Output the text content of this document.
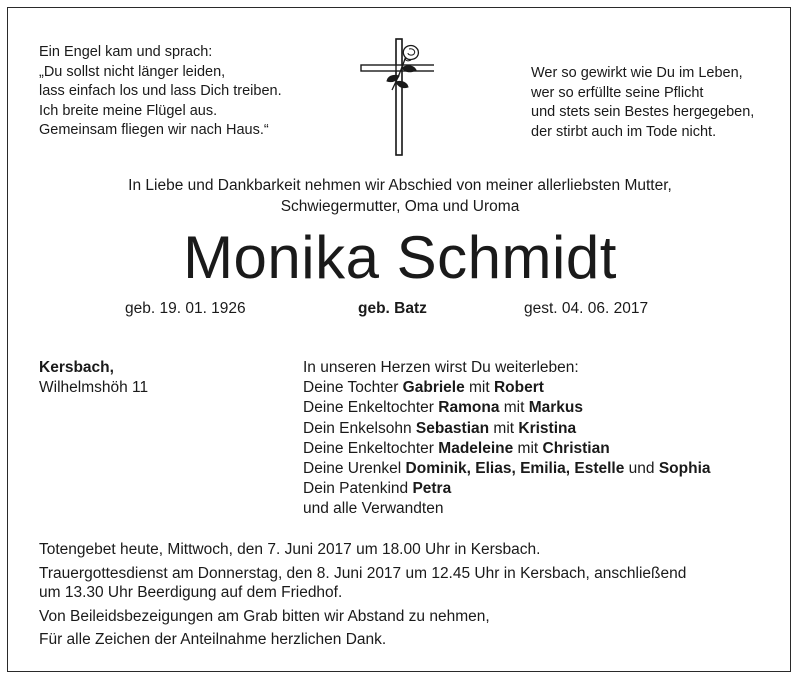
Ein Engel kam und sprach:
„Du sollst nicht länger leiden,
lass einfach los und lass Dich treiben.
Ich breite meine Flügel aus.
Gemeinsam fliegen wir nach Haus.“
Wer so gewirkt wie Du im Leben,
wer so erfüllte seine Pflicht
und stets sein Bestes hergegeben,
der stirbt auch im Tode nicht.
In Liebe und Dankbarkeit nehmen wir Abschied von meiner allerliebsten Mutter,
Schwiegermutter, Oma und Uroma
Monika Schmidt
geb. 19. 01. 1926	geb. Batz	gest. 04. 06. 2017
Kersbach,
Wilhelmshöh 11
In unseren Herzen wirst Du weiterleben:
Deine Tochter Gabriele mit Robert
Deine Enkeltochter Ramona mit Markus
Dein Enkelsohn Sebastian mit Kristina
Deine Enkeltochter Madeleine mit Christian
Deine Urenkel Dominik, Elias, Emilia, Estelle und Sophia
Dein Patenkind Petra
und alle Verwandten
Totengebet heute, Mittwoch, den 7. Juni 2017 um 18.00 Uhr in Kersbach.
Trauergottesdienst am Donnerstag, den 8. Juni 2017 um 12.45 Uhr in Kersbach, anschließend
um 13.30 Uhr Beerdigung auf dem Friedhof.
Von Beileidsbezeigungen am Grab bitten wir Abstand zu nehmen,
Für alle Zeichen der Anteilnahme herzlichen Dank.
